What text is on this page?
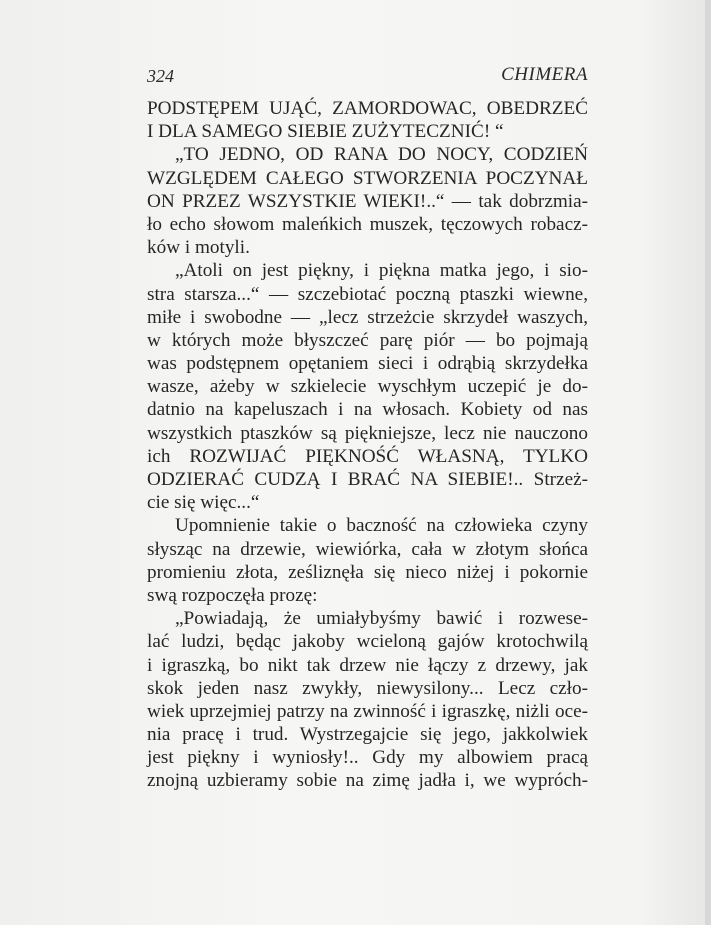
324	CHIMERA
PODSTĘPEM UJĄĆ, ZAMORDOWAC, OBEDRZEĆ
I DLA SAMEGO SIEBIE ZUŻYTECZNIĆ! “
„TO JEDNO, OD RANA DO NOCY, CODZIEŃ
WZGLĘDEM CAŁEGO STWORZENIA POCZYNAŁ
ON PRZEZ WSZYSTKIE WIEKI!..“ — tak dobrzmia-
ło echo słowom maleńkich muszek, tęczowych robacz-
ków i motyli.
„Atoli on jest piękny, i piękna matka jego, i sio-
stra starsza...“ — szczebiotać poczną ptaszki wiewne,
miłe i swobodne — „lecz strzeżcie skrzydeł waszych,
w których może błyszczeć parę piór — bo pojmają
was podstępnem opętaniem sieci i odrąbią skrzydełka
wasze, ażeby w szkielecie wyschłym uczepić je do-
datnio na kapeluszach i na włosach. Kobiety od nas
wszystkich ptaszków są piękniejsze, lecz nie nauczono
ich ROZWIJAĆ PIĘKNOŚĆ WŁASNĄ, TYLKO
ODZIERAĆ CUDZĄ I BRAĆ NA SIEBIE!.. Strzeż-
cie się więc...“
Upomnienie takie o baczność na człowieka czyny
słysząc na drzewie, wiewiórka, cała w złotym słońca
promieniu złota, ześliznęła się nieco niżej i pokornie
swą rozpoczęła prozę:
„Powiadają, że umiałybyśmy bawić i rozwese-
lać ludzi, będąc jakoby wcieloną gajów krotochwilą
i igraszką, bo nikt tak drzew nie łączy z drzewy, jak
skok jeden nasz zwykły, niewysilony... Lecz czło-
wiek uprzejmiej patrzy na zwinność i igraszkę, niżli oce-
nia pracę i trud. Wystrzegajcie się jego, jakkolwiek
jest piękny i wyniosły!.. Gdy my albowiem pracą
znojną uzbieramy sobie na zimę jadła i, we wypróch-
